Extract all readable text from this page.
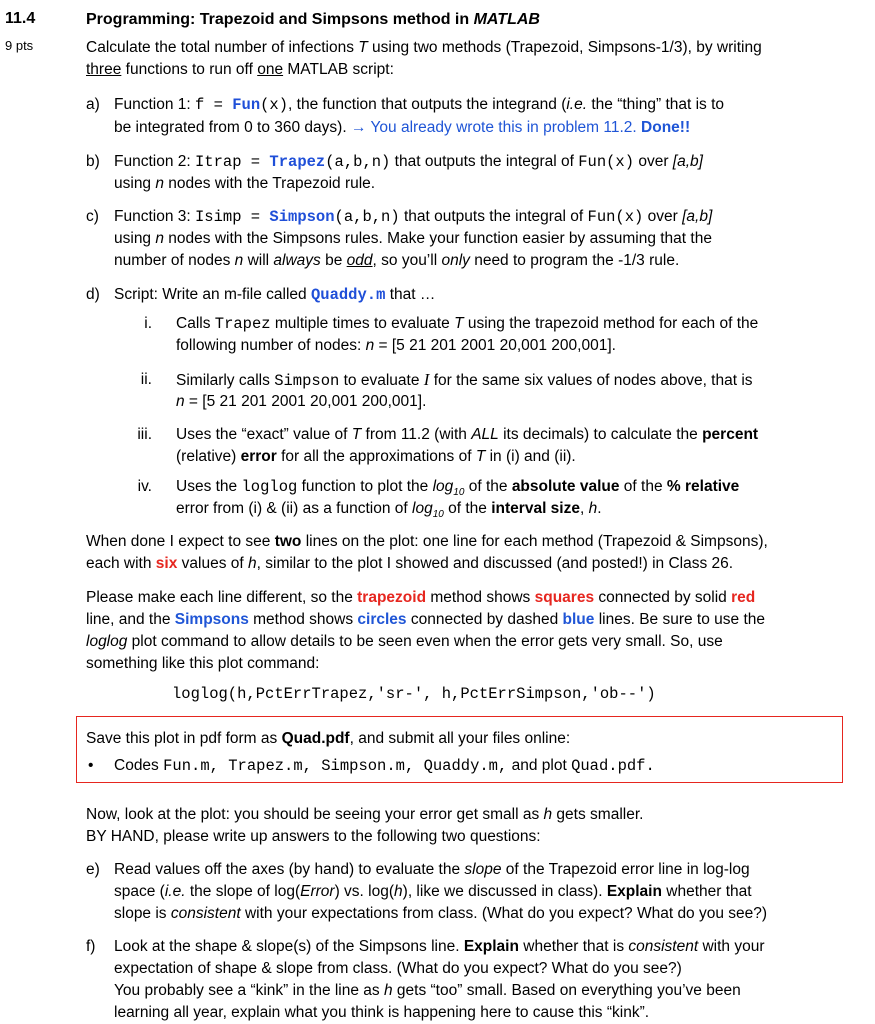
11.4
9 pts
Programming: Trapezoid and Simpsons method in MATLAB
Calculate the total number of infections T using two methods (Trapezoid, Simpsons-1/3), by writing
three functions to run off one MATLAB script:
a) Function 1: f = Fun(x), the function that outputs the integrand (i.e. the “thing” that is to
be integrated from 0 to 360 days). → You already wrote this in problem 11.2. Done!!
b) Function 2: Itrap = Trapez(a,b,n) that outputs the integral of Fun(x) over [a,b]
using n nodes with the Trapezoid rule.
c) Function 3: Isimp = Simpson(a,b,n) that outputs the integral of Fun(x) over [a,b]
using n nodes with the Simpsons rules. Make your function easier by assuming that the
number of nodes n will always be odd, so you’ll only need to program the -1/3 rule.
d) Script: Write an m-file called Quaddy.m that …
i. Calls Trapez multiple times to evaluate T using the trapezoid method for each of the
following number of nodes: n = [5 21 201 2001 20,001 200,001].
ii. Similarly calls Simpson to evaluate I for the same six values of nodes above, that is
n = [5 21 201 2001 20,001 200,001].
iii. Uses the “exact” value of T from 11.2 (with ALL its decimals) to calculate the percent
(relative) error for all the approximations of T in (i) and (ii).
iv. Uses the loglog function to plot the $\log_{10}$ of the absolute value of the % relative
error from (i) & (ii) as a function of $\log_{10}$ of the interval size, h.
When done I expect to see two lines on the plot: one line for each method (Trapezoid & Simpsons),
each with six values of h, similar to the plot I showed and discussed (and posted!) in Class 26.
Please make each line different, so the trapezoid method shows squares connected by solid red
line, and the Simpsons method shows circles connected by dashed blue lines. Be sure to use the
loglog plot command to allow details to be seen even when the error gets very small. So, use
something like this plot command:
loglog(h,PctErrTrapez,'sr-', h,PctErrSimpson,'ob--')
Save this plot in pdf form as Quad.pdf, and submit all your files online:
• Codes Fun.m, Trapez.m, Simpson.m, Quaddy.m, and plot Quad.pdf.
Now, look at the plot: you should be seeing your error get small as h gets smaller.
BY HAND, please write up answers to the following two questions:
e) Read values off the axes (by hand) to evaluate the slope of the Trapezoid error line in log-log
space (i.e. the slope of log(Error) vs. log(h), like we discussed in class). Explain whether that
slope is consistent with your expectations from class. (What do you expect? What do you see?)
f) Look at the shape & slope(s) of the Simpsons line. Explain whether that is consistent with your
expectation of shape & slope from class. (What do you expect? What do you see?)
You probably see a “kink” in the line as h gets “too” small. Based on everything you’ve been
learning all year, explain what you think is happening here to cause this “kink”.
